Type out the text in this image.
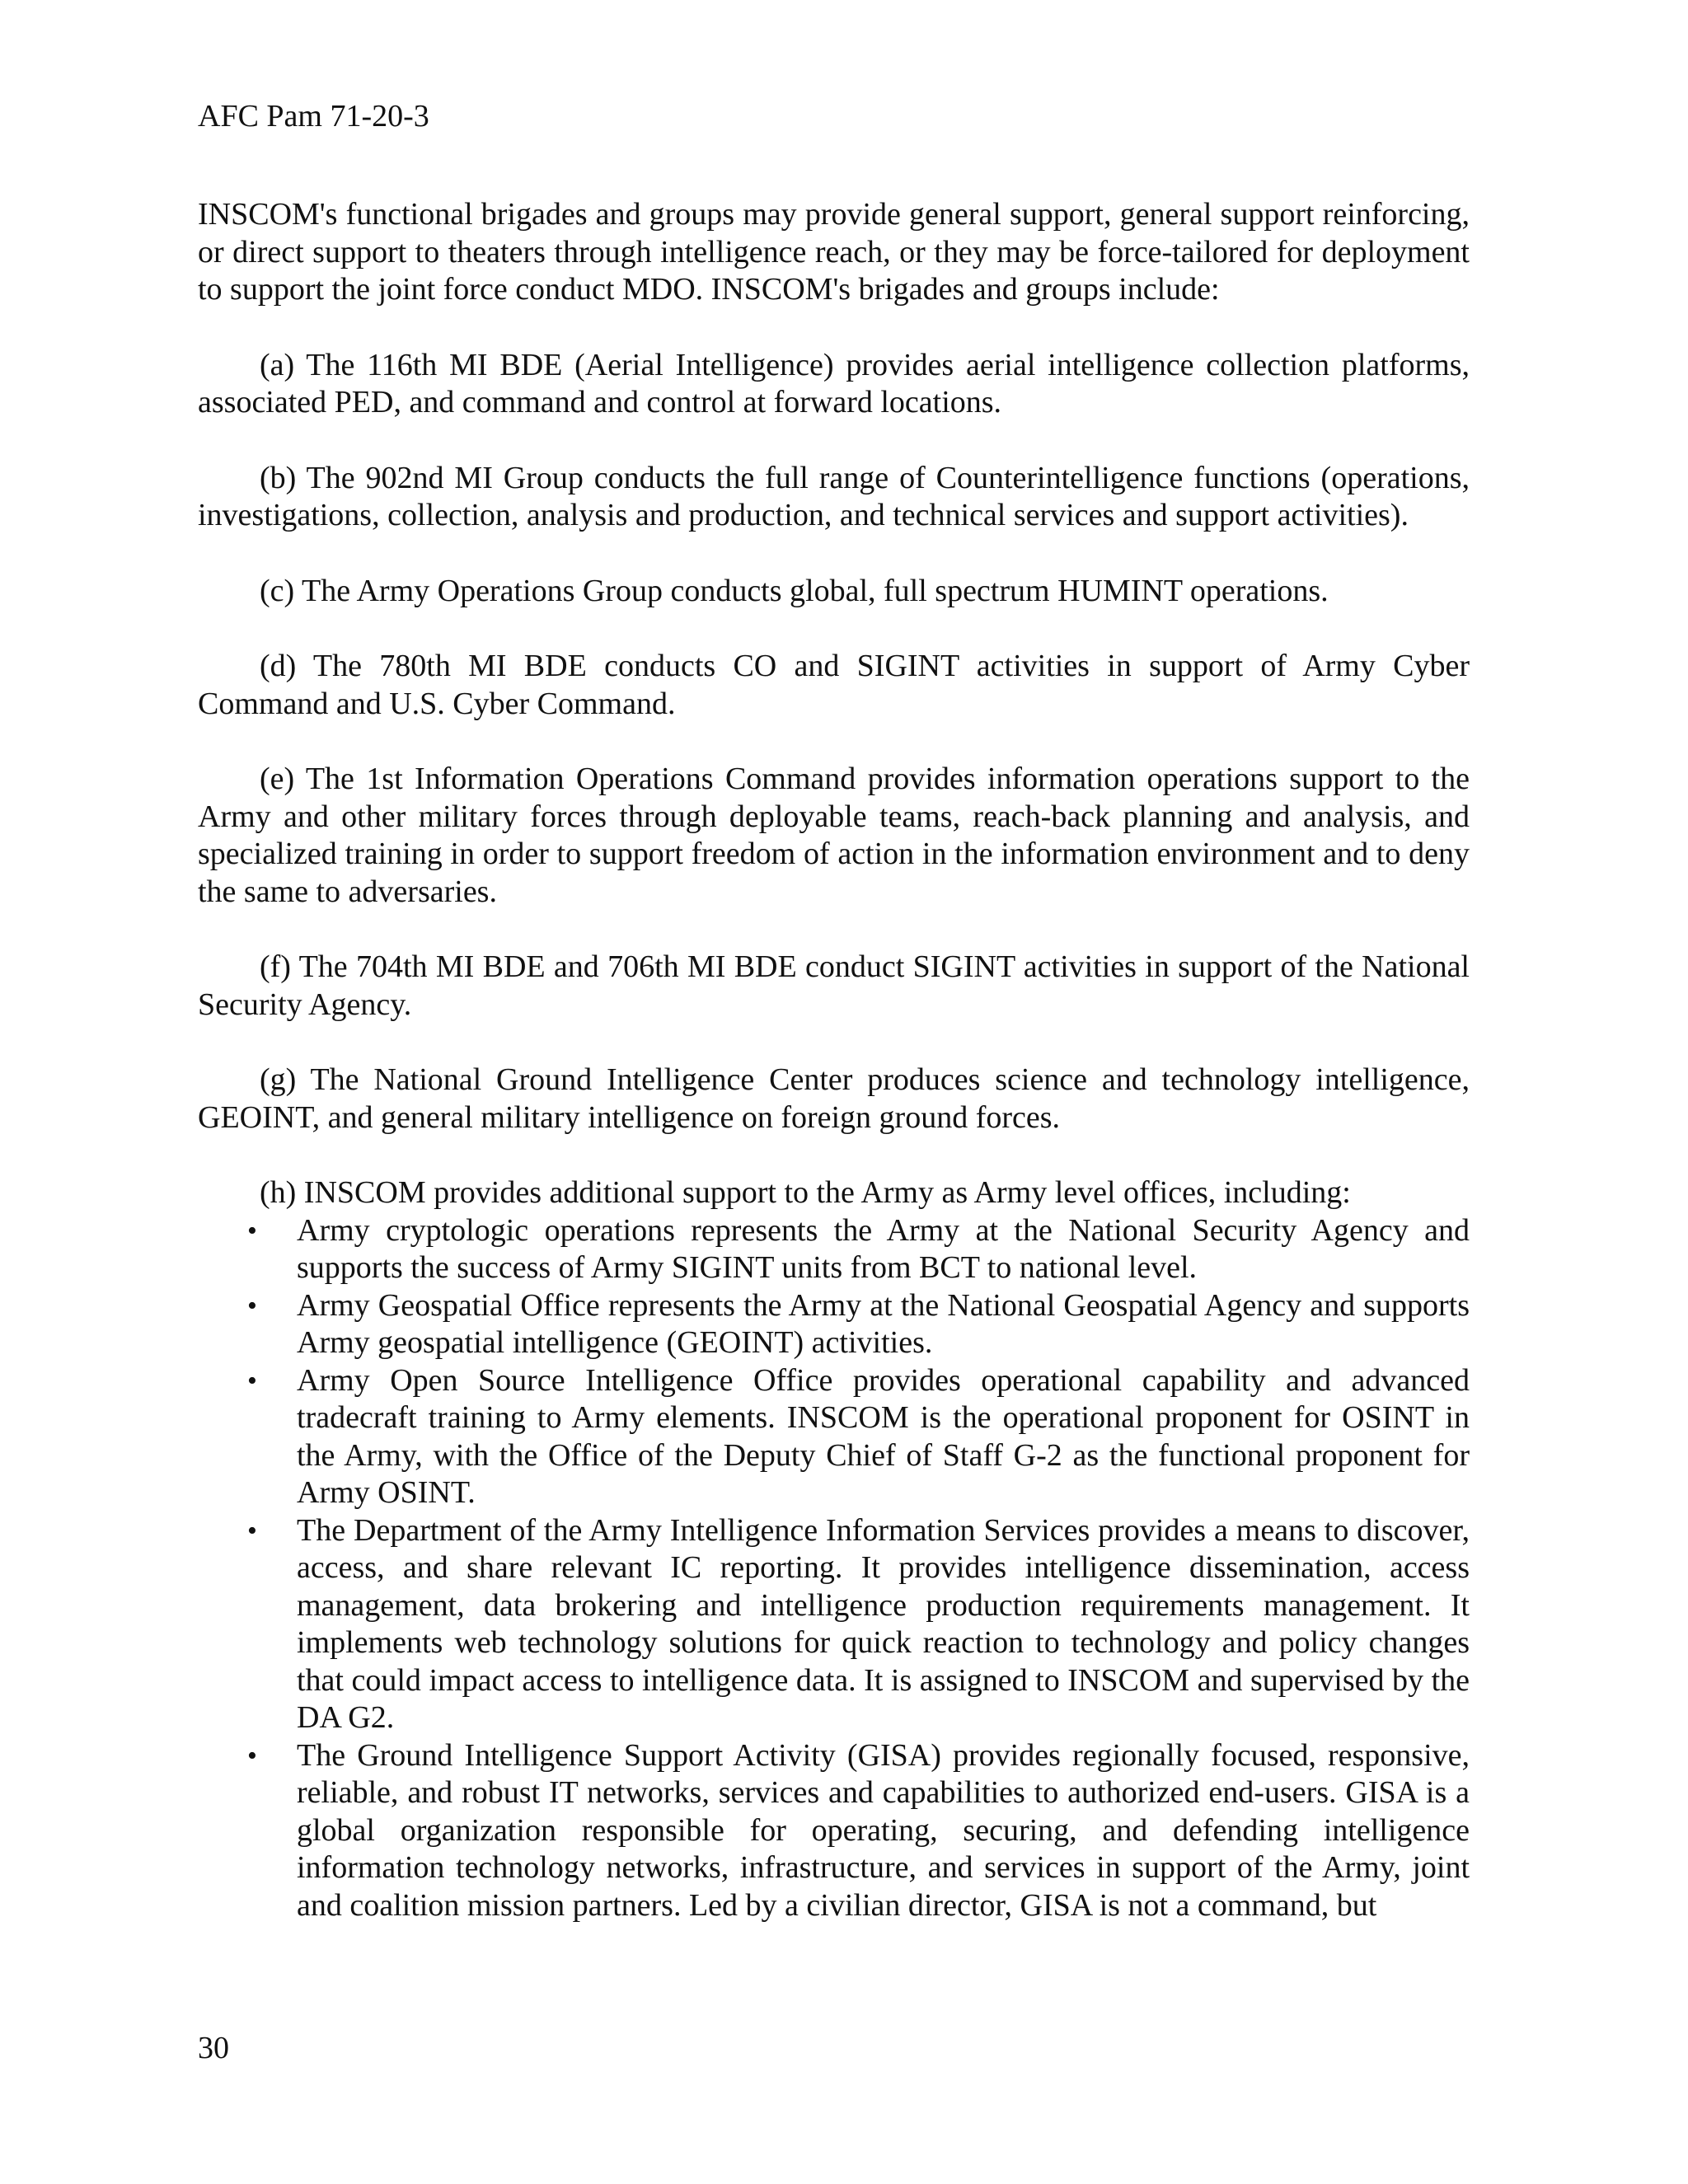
AFC Pam 71-20-3

INSCOM's functional brigades and groups may provide general support, general support reinforcing, or direct support to theaters through intelligence reach, or they may be force-tailored for deployment to support the joint force conduct MDO. INSCOM's brigades and groups include:

(a) The 116th MI BDE (Aerial Intelligence) provides aerial intelligence collection platforms, associated PED, and command and control at forward locations.

(b) The 902nd MI Group conducts the full range of Counterintelligence functions (operations, investigations, collection, analysis and production, and technical services and support activities).

(c) The Army Operations Group conducts global, full spectrum HUMINT operations.

(d) The 780th MI BDE conducts CO and SIGINT activities in support of Army Cyber Command and U.S. Cyber Command.

(e) The 1st Information Operations Command provides information operations support to the Army and other military forces through deployable teams, reach-back planning and analysis, and specialized training in order to support freedom of action in the information environment and to deny the same to adversaries.

(f) The 704th MI BDE and 706th MI BDE conduct SIGINT activities in support of the National Security Agency.

(g) The National Ground Intelligence Center produces science and technology intelligence, GEOINT, and general military intelligence on foreign ground forces.

(h) INSCOM provides additional support to the Army as Army level offices, including:

• Army cryptologic operations represents the Army at the National Security Agency and supports the success of Army SIGINT units from BCT to national level.
• Army Geospatial Office represents the Army at the National Geospatial Agency and supports Army geospatial intelligence (GEOINT) activities.
• Army Open Source Intelligence Office provides operational capability and advanced tradecraft training to Army elements. INSCOM is the operational proponent for OSINT in the Army, with the Office of the Deputy Chief of Staff G-2 as the functional proponent for Army OSINT.
• The Department of the Army Intelligence Information Services provides a means to discover, access, and share relevant IC reporting. It provides intelligence dissemination, access management, data brokering and intelligence production requirements management. It implements web technology solutions for quick reaction to technology and policy changes that could impact access to intelligence data. It is assigned to INSCOM and supervised by the DA G2.
• The Ground Intelligence Support Activity (GISA) provides regionally focused, responsive, reliable, and robust IT networks, services and capabilities to authorized end-users. GISA is a global organization responsible for operating, securing, and defending intelligence information technology networks, infrastructure, and services in support of the Army, joint and coalition mission partners. Led by a civilian director, GISA is not a command, but
30
